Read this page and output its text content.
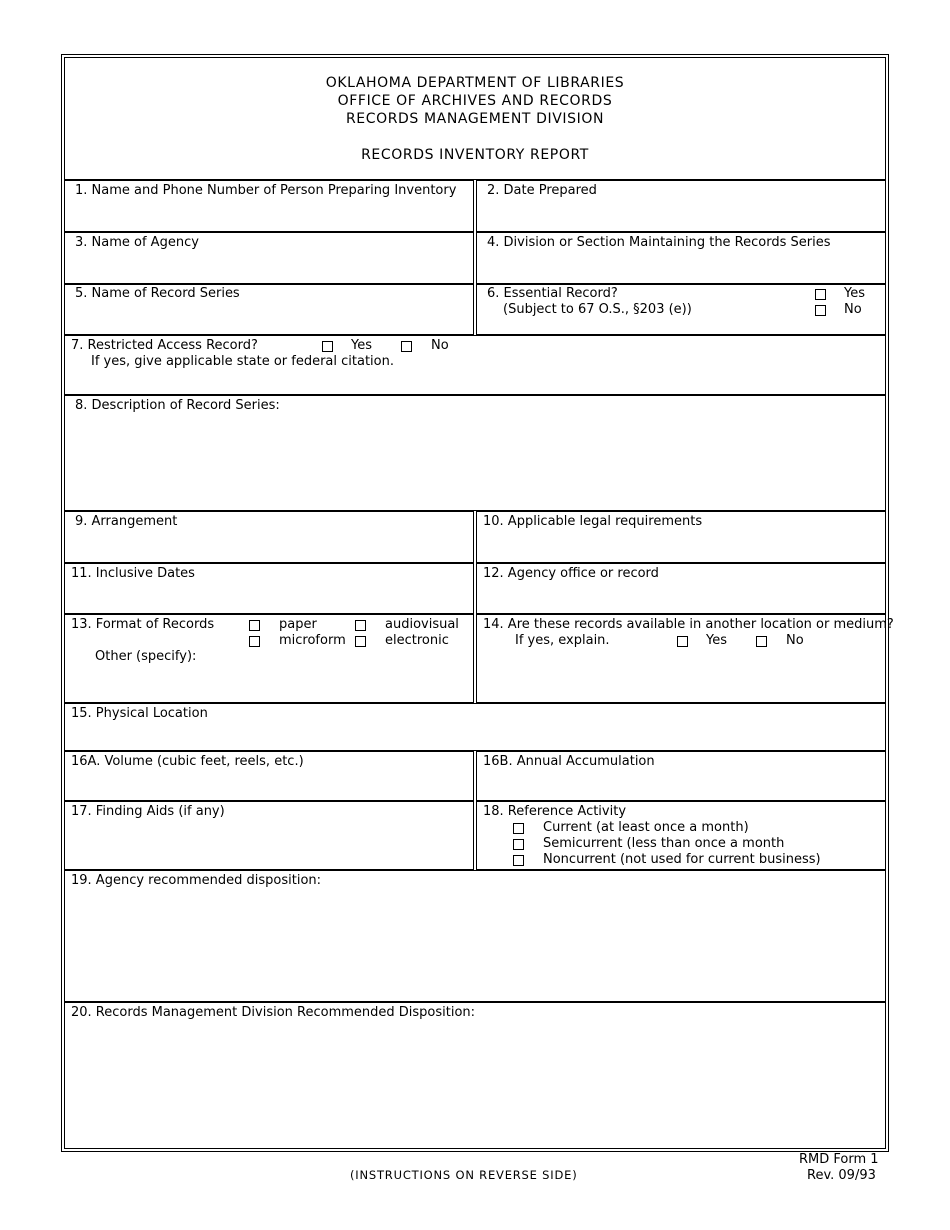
OKLAHOMA DEPARTMENT OF LIBRARIES
OFFICE OF ARCHIVES AND RECORDS
RECORDS MANAGEMENT DIVISION
RECORDS INVENTORY REPORT
1. Name and Phone Number of Person Preparing Inventory 2. Date Prepared
3. Name of Agency	4. Division or Section Maintaining the Records Series
5. Name of Record Series	6. Essential Record?
(Subject to 67 O.S., §203 (e))
Yes
No
7. Restricted Access Record?	Yes	No
If yes, give applicable state or federal citation.
8. Description of Record Series:
9. Arrangement	10. Applicable legal requirements
11. Inclusive Dates	12. Agency office or record
13. Format of Records	paper	audiovisual
microform	electronic
Other (specify):
14. Are these records available in another location or medium?
If yes, explain.	Yes	No
15. Physical Location
16A. Volume (cubic feet, reels, etc.)	16B. Annual Accumulation
17. Finding Aids (if any)	18. Reference Activity
Current (at least once a month)
Semicurrent (less than once a month
Noncurrent (not used for current business)
19. Agency recommended disposition:
20. Records Management Division Recommended Disposition:
(INSTRUCTIONS ON REVERSE SIDE)
RMD Form 1
Rev. 09/93
